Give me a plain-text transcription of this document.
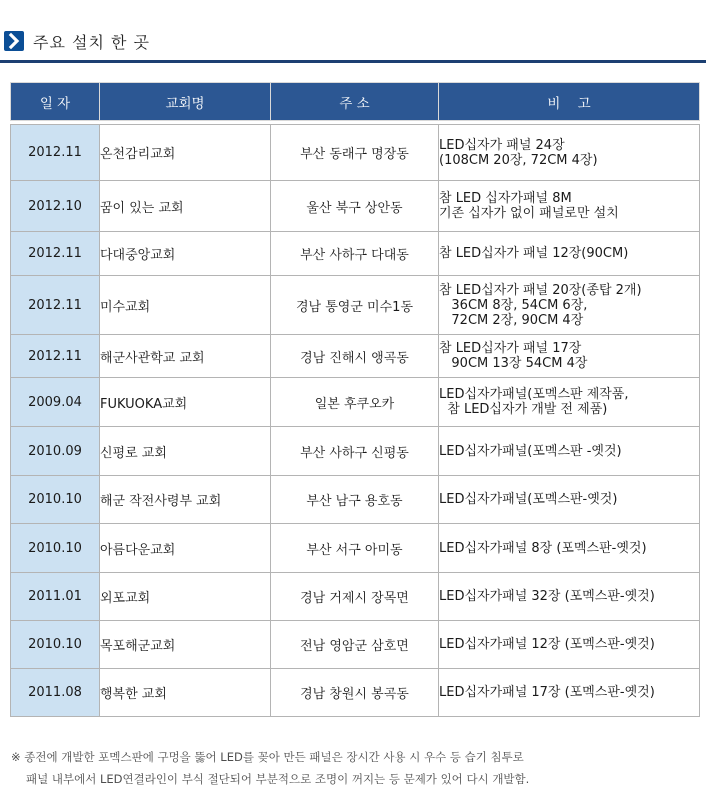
주요 설치 한 곳
일 자	교회명	주 소	비    고

2012.11	온천감리교회	부산 동래구 명장동	LED십자가 패널 24장
(108CM 20장, 72CM 4장)

2012.10	꿈이 있는 교회	울산 북구 상안동	참 LED 십자가패널 8M
기존 십자가 없이 패널로만 설치

2012.11	다대중앙교회	부산 사하구 다대동	참 LED십자가 패널 12장(90CM)

2012.11	미수교회	경남 통영군 미수1동	참 LED십자가 패널 20장(종탑 2개)
36CM 8장, 54CM 6장,
72CM 2장, 90CM 4장

2012.11	해군사관학교 교회	경남 진해시 앵곡동	참 LED십자가 패널 17장
90CM 13장 54CM 4장

2009.04	FUKUOKA교회	일본 후쿠오카	LED십자가패널(포멕스판 제작품,
참 LED십자가 개발 전 제품)

2010.09	신평로 교회	부산 사하구 신평동	LED십자가패널(포멕스판 -옛것)

2010.10	해군 작전사령부 교회	부산 남구 용호동	LED십자가패널(포멕스판-옛것)

2010.10	아름다운교회	부산 서구 아미동	LED십자가패널 8장 (포멕스판-옛것)

2011.01	외포교회	경남 거제시 장목면	LED십자가패널 32장 (포멕스판-옛것)

2010.10	목포해군교회	전남 영암군 삼호면	LED십자가패널 12장 (포멕스판-옛것)

2011.08	행복한 교회	경남 창원시 봉곡동	LED십자가패널 17장 (포멕스판-옛것)
※ 종전에 개발한 포멕스판에 구멍을 뚫어 LED를 꽂아 만든 패널은 장시간 사용 시 우수 등 습기 침투로
패널 내부에서 LED연결라인이 부식 절단되어 부분적으로 조명이 꺼지는 등 문제가 있어 다시 개발함.
